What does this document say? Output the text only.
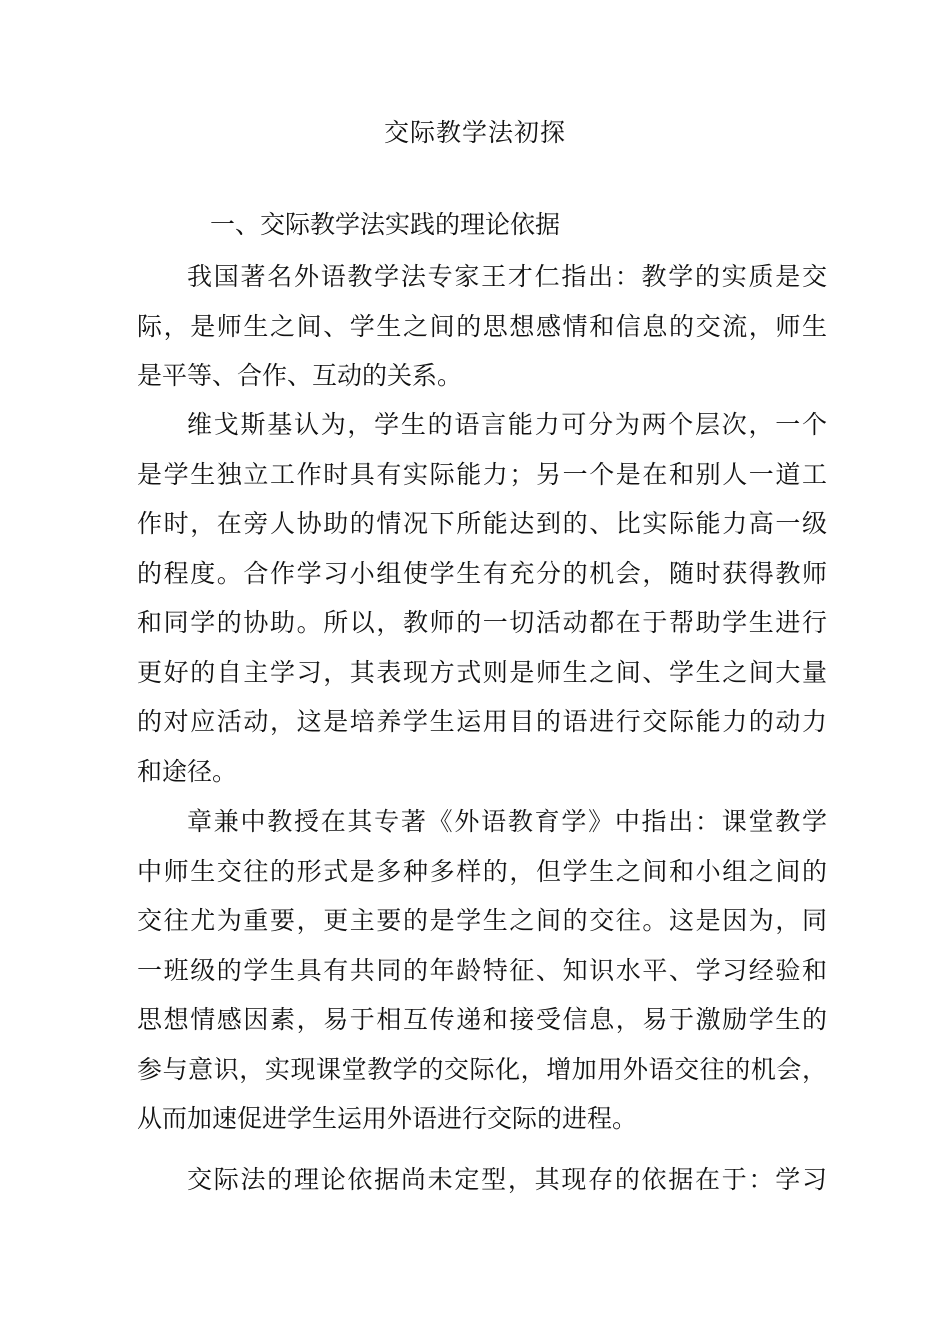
交际教学法初探
一、交际教学法实践的理论依据
我国著名外语教学法专家王才仁指出：教学的实质是交
际，是师生之间、学生之间的思想感情和信息的交流，师生
是平等、合作、互动的关系。
维戈斯基认为，学生的语言能力可分为两个层次，一个
是学生独立工作时具有实际能力；另一个是在和别人一道工
作时，在旁人协助的情况下所能达到的、比实际能力高一级
的程度。合作学习小组使学生有充分的机会，随时获得教师
和同学的协助。所以，教师的一切活动都在于帮助学生进行
更好的自主学习，其表现方式则是师生之间、学生之间大量
的对应活动，这是培养学生运用目的语进行交际能力的动力
和途径。
章兼中教授在其专著《外语教育学》中指出：课堂教学
中师生交往的形式是多种多样的，但学生之间和小组之间的
交往尤为重要，更主要的是学生之间的交往。这是因为，同
一班级的学生具有共同的年龄特征、知识水平、学习经验和
思想情感因素，易于相互传递和接受信息，易于激励学生的
参与意识，实现课堂教学的交际化，增加用外语交往的机会，
从而加速促进学生运用外语进行交际的进程。
交际法的理论依据尚未定型，其现存的依据在于：学习
